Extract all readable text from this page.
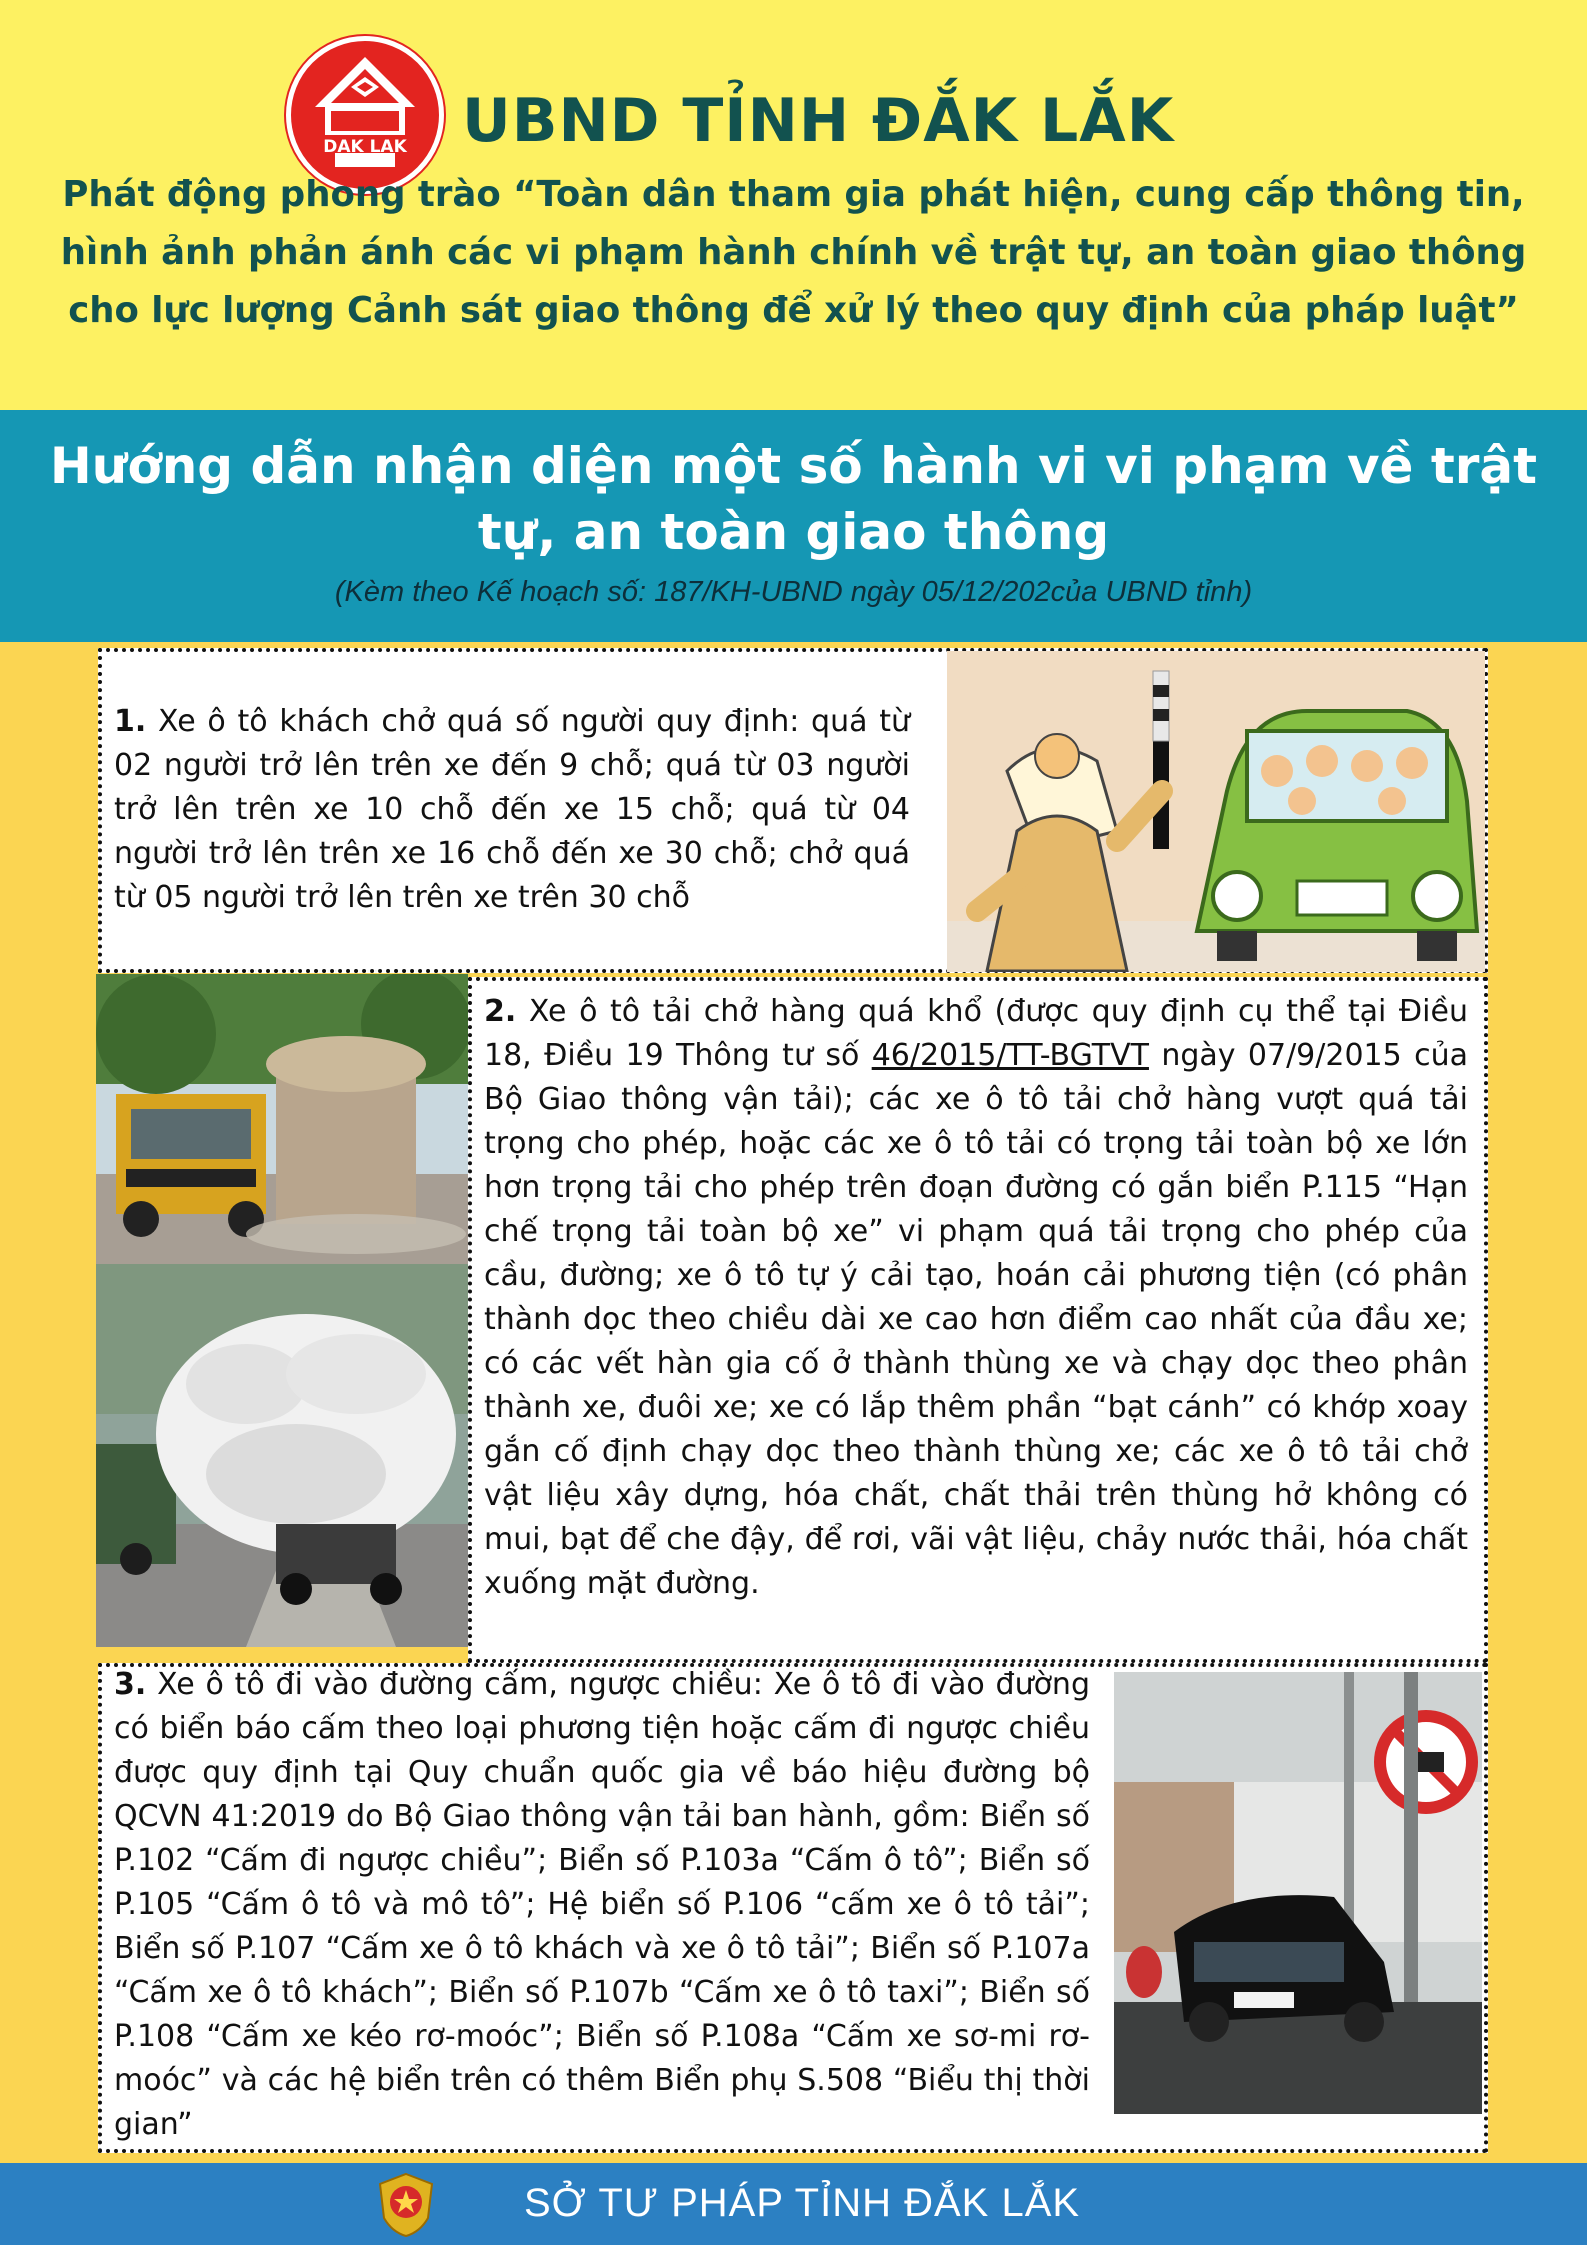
DAK LAK UBND TỈNH ĐẮK LẮK
Phát động phong trào “Toàn dân tham gia phát hiện, cung cấp thông tin,
hình ảnh phản ánh các vi phạm hành chính về trật tự, an toàn giao thông
cho lực lượng Cảnh sát giao thông để xử lý theo quy định của pháp luật”
Hướng dẫn nhận diện một số hành vi vi phạm về trật
tự, an toàn giao thông
(Kèm theo Kế hoạch số: 187/KH-UBND ngày 05/12/202của UBND tỉnh)
1. Xe ô tô khách chở quá số người quy định: quá từ 02 người trở lên trên xe đến 9 chỗ; quá từ 03 người trở lên trên xe 10 chỗ đến xe 15 chỗ; quá từ 04 người trở lên trên xe 16 chỗ đến xe 30 chỗ; chở quá từ 05 người trở lên trên xe trên 30 chỗ
2. Xe ô tô tải chở hàng quá khổ (được quy định cụ thể tại Điều 18, Điều 19 Thông tư số 46/2015/TT-BGTVT ngày 07/9/2015 của Bộ Giao thông vận tải); các xe ô tô tải chở hàng vượt quá tải trọng cho phép, hoặc các xe ô tô tải có trọng tải toàn bộ xe lớn hơn trọng tải cho phép trên đoạn đường có gắn biển P.115 “Hạn chế trọng tải toàn bộ xe” vi phạm quá tải trọng cho phép của cầu, đường; xe ô tô tự ý cải tạo, hoán cải phương tiện (có phân thành dọc theo chiều dài xe cao hơn điểm cao nhất của đầu xe; có các vết hàn gia cố ở thành thùng xe và chạy dọc theo phân thành xe, đuôi xe; xe có lắp thêm phần “bạt cánh” có khớp xoay gắn cố định chạy dọc theo thành thùng xe; các xe ô tô tải chở vật liệu xây dựng, hóa chất, chất thải trên thùng hở không có mui, bạt để che đậy, để rơi, vãi vật liệu, chảy nước thải, hóa chất xuống mặt đường.
3. Xe ô tô đi vào đường cấm, ngược chiều: Xe ô tô đi vào đường có biển báo cấm theo loại phương tiện hoặc cấm đi ngược chiều được quy định tại Quy chuẩn quốc gia về báo hiệu đường bộ QCVN 41:2019 do Bộ Giao thông vận tải ban hành, gồm: Biển số P.102 “Cấm đi ngược chiều”; Biển số P.103a “Cấm ô tô”; Biển số P.105 “Cấm ô tô và mô tô”; Hệ biển số P.106 “cấm xe ô tô tải”; Biển số P.107 “Cấm xe ô tô khách và xe ô tô tải”; Biển số P.107a “Cấm xe ô tô khách”; Biển số P.107b “Cấm xe ô tô taxi”; Biển số P.108 “Cấm xe kéo rơ-moóc”; Biển số P.108a “Cấm xe sơ-mi rơ-moóc” và các hệ biển trên có thêm Biển phụ S.508 “Biểu thị thời gian”
SỞ TƯ PHÁP TỈNH ĐẮK LẮK
